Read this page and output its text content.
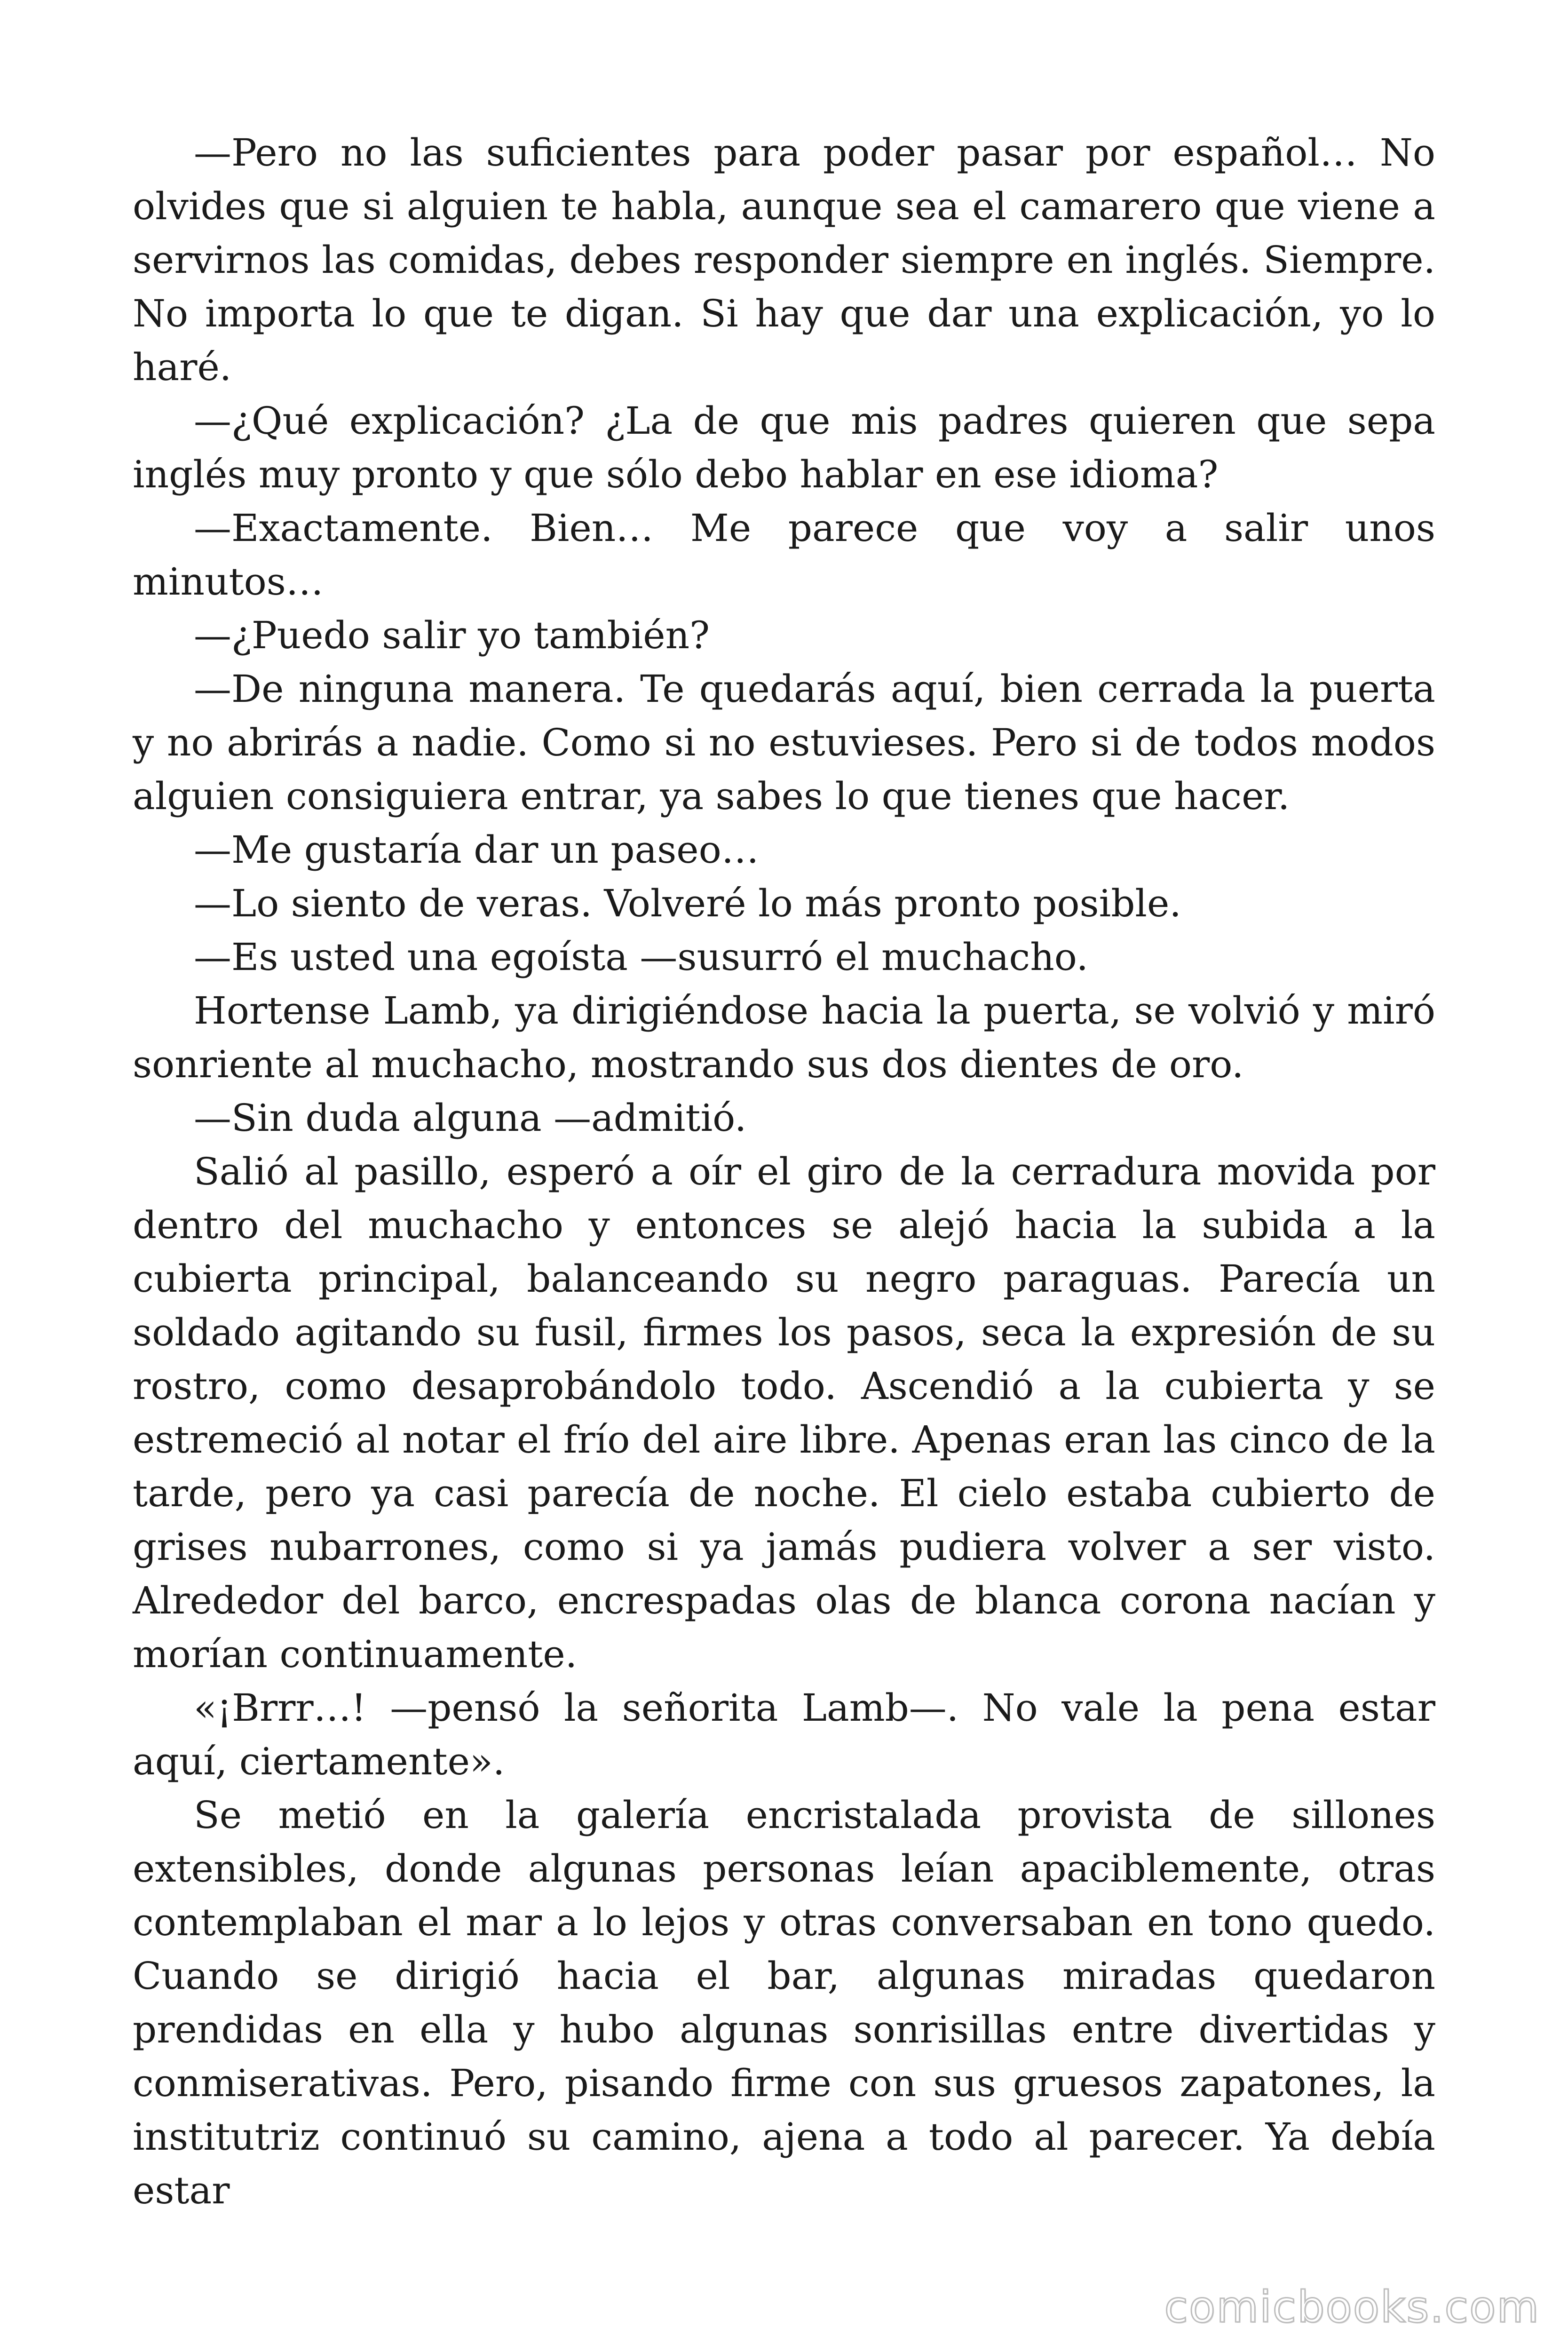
—Pero no las suficientes para poder pasar por español… No olvides que si alguien te habla, aunque sea el camarero que viene a servirnos las comidas, debes responder siempre en inglés. Siempre. No importa lo que te digan. Si hay que dar una explicación, yo lo haré.

—¿Qué explicación? ¿La de que mis padres quieren que sepa inglés muy pronto y que sólo debo hablar en ese idioma?

—Exactamente. Bien… Me parece que voy a salir unos minutos…

—¿Puedo salir yo también?

—De ninguna manera. Te quedarás aquí, bien cerrada la puerta y no abrirás a nadie. Como si no estuvieses. Pero si de todos modos alguien consiguiera entrar, ya sabes lo que tienes que hacer.

—Me gustaría dar un paseo…

—Lo siento de veras. Volveré lo más pronto posible.

—Es usted una egoísta —susurró el muchacho.

Hortense Lamb, ya dirigiéndose hacia la puerta, se volvió y miró sonriente al muchacho, mostrando sus dos dientes de oro.

—Sin duda alguna —admitió.

Salió al pasillo, esperó a oír el giro de la cerradura movida por dentro del muchacho y entonces se alejó hacia la subida a la cubierta principal, balanceando su negro paraguas. Parecía un soldado agitando su fusil, firmes los pasos, seca la expresión de su rostro, como desaprobándolo todo. Ascendió a la cubierta y se estremeció al notar el frío del aire libre. Apenas eran las cinco de la tarde, pero ya casi parecía de noche. El cielo estaba cubierto de grises nubarrones, como si ya jamás pudiera volver a ser visto. Alrededor del barco, encrespadas olas de blanca corona nacían y morían continuamente.

«¡Brrr…! —pensó la señorita Lamb—. No vale la pena estar aquí, ciertamente».

Se metió en la galería encristalada provista de sillones extensibles, donde algunas personas leían apaciblemente, otras contemplaban el mar a lo lejos y otras conversaban en tono quedo. Cuando se dirigió hacia el bar, algunas miradas quedaron prendidas en ella y hubo algunas sonrisillas entre divertidas y conmiserativas. Pero, pisando firme con sus gruesos zapatones, la institutriz continuó su camino, ajena a todo al parecer. Ya debía estar

comicbooks.com
